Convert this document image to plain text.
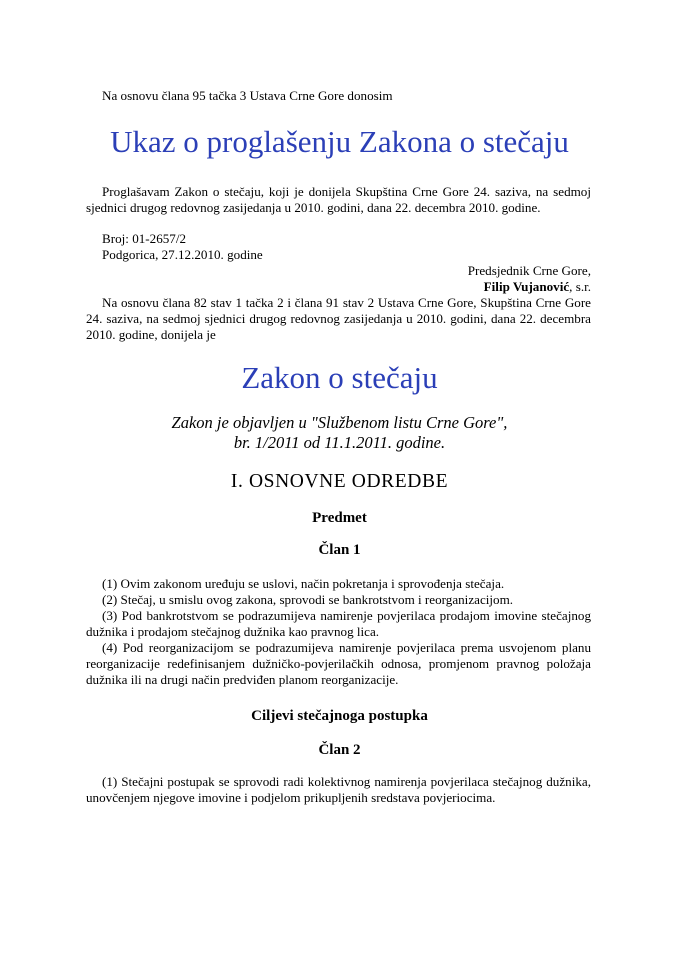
Na osnovu člana 95 tačka 3 Ustava Crne Gore donosim

Ukaz o proglašenju Zakona o stečaju

Proglašavam Zakon o stečaju, koji je donijela Skupština Crne Gore 24. saziva, na sedmoj sjednici drugog redovnog zasijedanja u 2010. godini, dana 22. decembra 2010. godine.

Broj: 01-2657/2

Podgorica, 27.12.2010. godine

Predsjednik Crne Gore,

Filip Vujanović, s.r.

Na osnovu člana 82 stav 1 tačka 2 i člana 91 stav 2 Ustava Crne Gore, Skupština Crne Gore 24. saziva, na sedmoj sjednici drugog redovnog zasijedanja u 2010. godini, dana 22. decembra 2010. godine, donijela je

Zakon o stečaju

Zakon je objavljen u "Službenom listu Crne Gore",

br. 1/2011 od 11.1.2011. godine.

I. OSNOVNE ODREDBE
Predmet
Član 1

(1) Ovim zakonom uređuju se uslovi, način pokretanja i sprovođenja stečaja.

(2) Stečaj, u smislu ovog zakona, sprovodi se bankrotstvom i reorganizacijom.

(3) Pod bankrotstvom se podrazumijeva namirenje povjerilaca prodajom imovine stečajnog dužnika i prodajom stečajnog dužnika kao pravnog lica.

(4) Pod reorganizacijom se podrazumijeva namirenje povjerilaca prema usvojenom planu reorganizacije redefinisanjem dužničko-povjerilačkih odnosa, promjenom pravnog položaja dužnika ili na drugi način predviđen planom reorganizacije.

Ciljevi stečajnoga postupka
Član 2

(1) Stečajni postupak se sprovodi radi kolektivnog namirenja povjerilaca stečajnog dužnika, unovčenjem njegove imovine i podjelom prikupljenih sredstava povjeriocima.
